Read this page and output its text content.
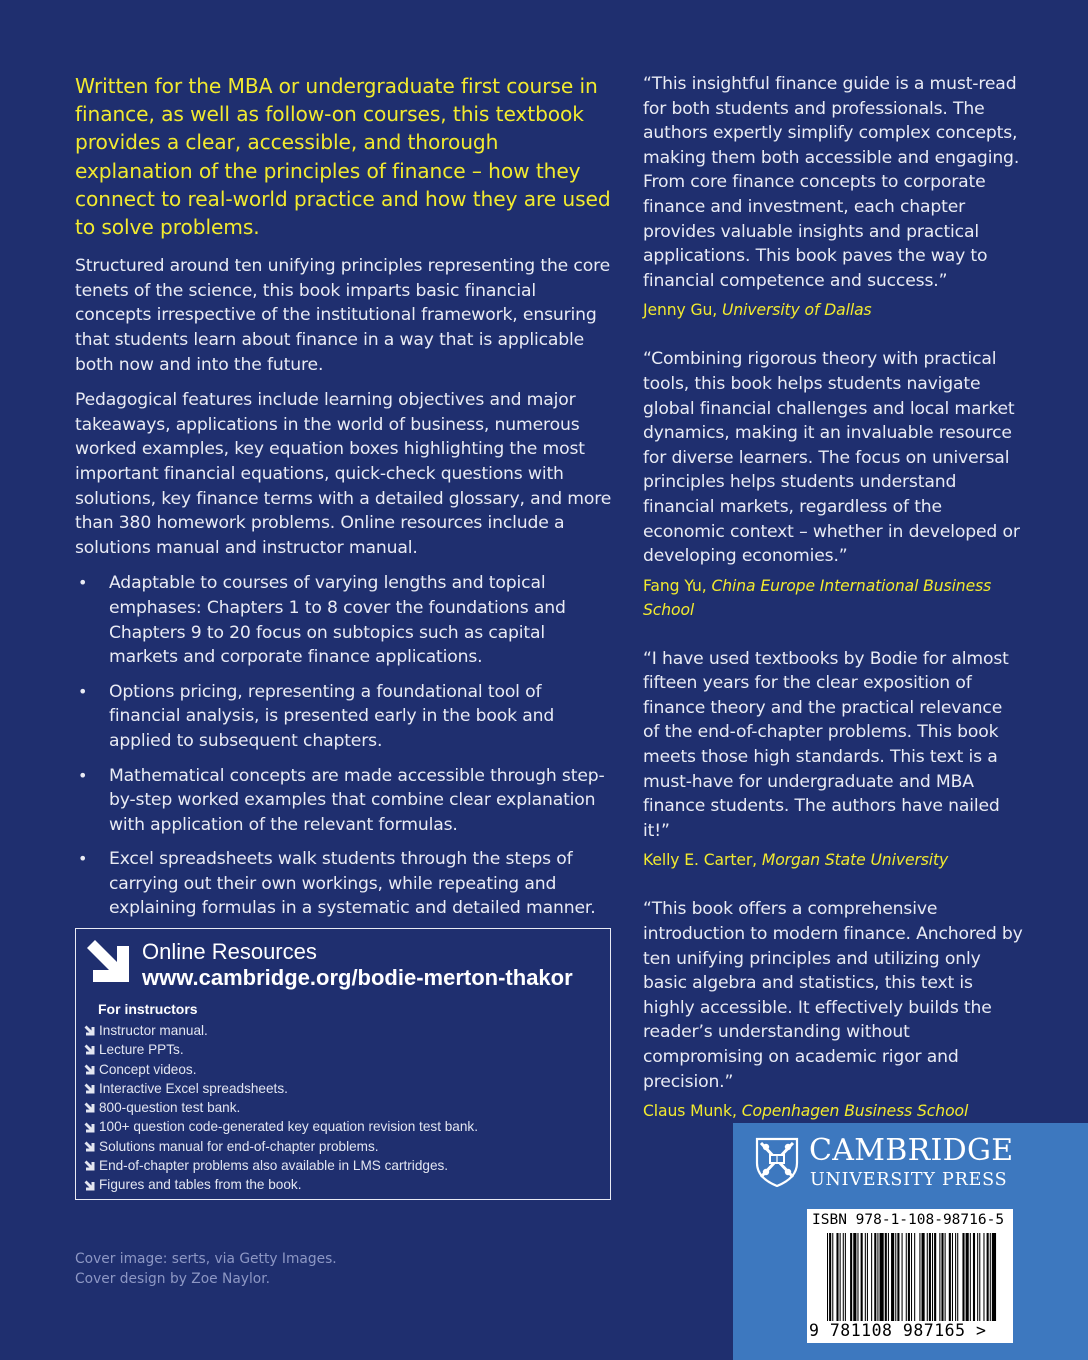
Written for the MBA or undergraduate first course in finance, as well as follow-on courses, this textbook provides a clear, accessible, and thorough explanation of the principles of finance – how they connect to real-world practice and how they are used to solve problems.

Structured around ten unifying principles representing the core tenets of the science, this book imparts basic financial concepts irrespective of the institutional framework, ensuring that students learn about finance in a way that is applicable both now and into the future.

Pedagogical features include learning objectives and major takeaways, applications in the world of business, numerous worked examples, key equation boxes highlighting the most important financial equations, quick-check questions with solutions, key finance terms with a detailed glossary, and more than 380 homework problems. Online resources include a solutions manual and instructor manual.

• Adaptable to courses of varying lengths and topical emphases: Chapters 1 to 8 cover the foundations and Chapters 9 to 20 focus on subtopics such as capital markets and corporate finance applications.
• Options pricing, representing a foundational tool of financial analysis, is presented early in the book and applied to subsequent chapters.
• Mathematical concepts are made accessible through step-by-step worked examples that combine clear explanation with application of the relevant formulas.
• Excel spreadsheets walk students through the steps of carrying out their own workings, while repeating and explaining formulas in a systematic and detailed manner.
Online Resources
www.cambridge.org/bodie-merton-thakor
For instructors
Instructor manual.
Lecture PPTs.
Concept videos.
Interactive Excel spreadsheets.
800-question test bank.
100+ question code-generated key equation revision test bank.
Solutions manual for end-of-chapter problems.
End-of-chapter problems also available in LMS cartridges.
Figures and tables from the book.
Cover image: serts, via Getty Images.
Cover design by Zoe Naylor.

“This insightful finance guide is a must-read for both students and professionals. The authors expertly simplify complex concepts, making them both accessible and engaging. From core finance concepts to corporate finance and investment, each chapter provides valuable insights and practical applications. This book paves the way to financial competence and success.”

Jenny Gu, University of Dallas

“Combining rigorous theory with practical tools, this book helps students navigate global financial challenges and local market dynamics, making it an invaluable resource for diverse learners. The focus on universal principles helps students understand financial markets, regardless of the economic context – whether in developed or developing economies.”

Fang Yu, China Europe International Business School

“I have used textbooks by Bodie for almost fifteen years for the clear exposition of finance theory and the practical relevance of the end-of-chapter problems. This book meets those high standards. This text is a must-have for undergraduate and MBA finance students. The authors have nailed it!”

Kelly E. Carter, Morgan State University

“This book offers a comprehensive introduction to modern finance. Anchored by ten unifying principles and utilizing only basic algebra and statistics, this text is highly accessible. It effectively builds the reader’s understanding without compromising on academic rigor and precision.”

Claus Munk, Copenhagen Business School
CAMBRIDGE
UNIVERSITY PRESS
ISBN 978-1-108-98716-5
9 781108 987165 >
